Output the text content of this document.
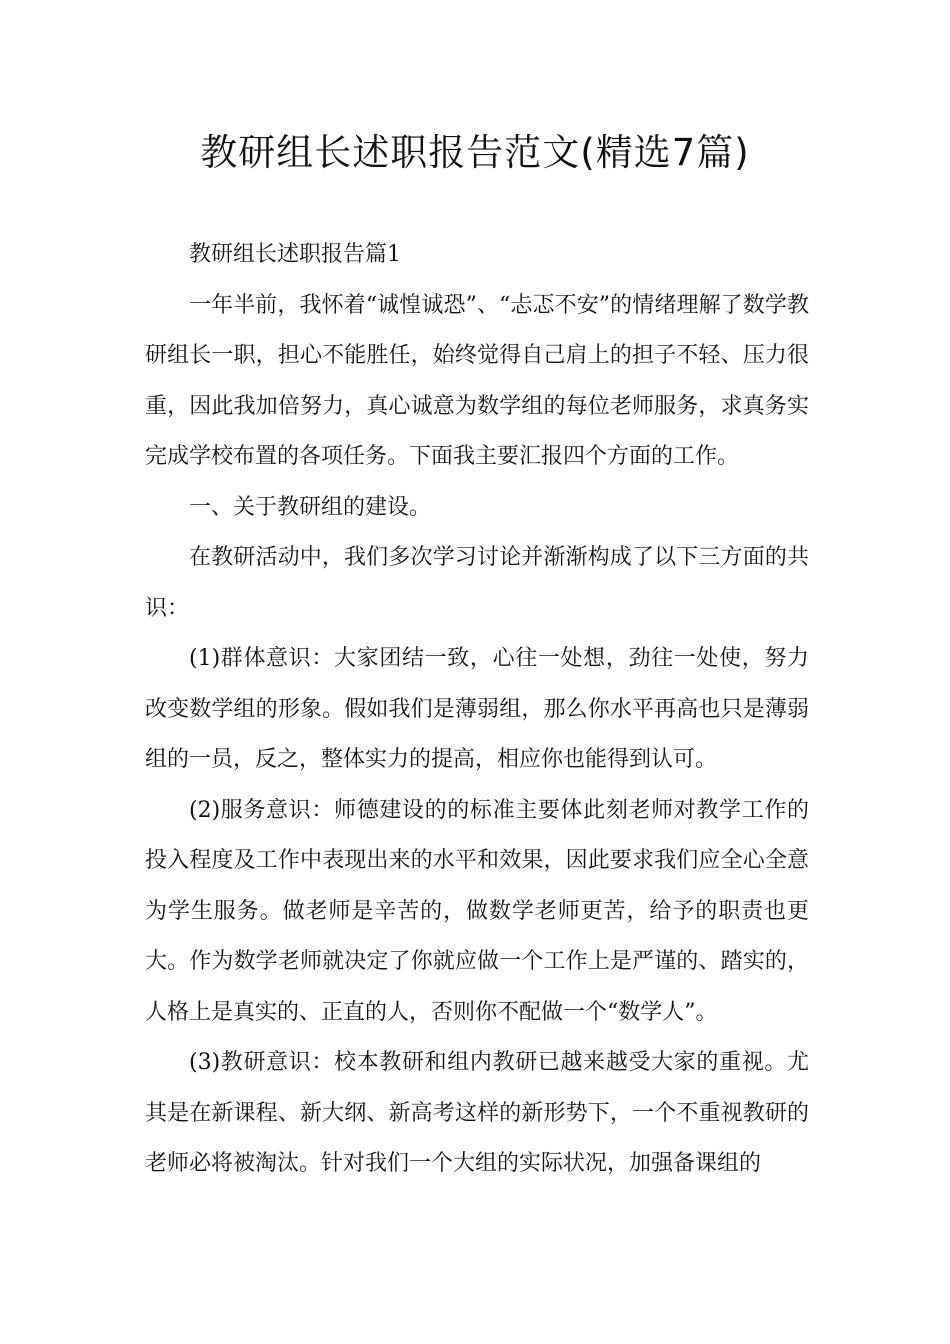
教研组长述职报告范文(精选7篇)

教研组长述职报告篇1

一年半前，我怀着“诚惶诚恐”、“忐忑不安”的情绪理解了数学教研组长一职，担心不能胜任，始终觉得自己肩上的担子不轻、压力很重，因此我加倍努力，真心诚意为数学组的每位老师服务，求真务实完成学校布置的各项任务。下面我主要汇报四个方面的工作。

一、关于教研组的建设。

在教研活动中，我们多次学习讨论并渐渐构成了以下三方面的共识：

(1)群体意识：大家团结一致，心往一处想，劲往一处使，努力改变数学组的形象。假如我们是薄弱组，那么你水平再高也只是薄弱组的一员，反之，整体实力的提高，相应你也能得到认可。

(2)服务意识：师德建设的的标准主要体此刻老师对教学工作的投入程度及工作中表现出来的水平和效果，因此要求我们应全心全意为学生服务。做老师是辛苦的，做数学老师更苦，给予的职责也更大。作为数学老师就决定了你就应做一个工作上是严谨的、踏实的，人格上是真实的、正直的人，否则你不配做一个“数学人”。

(3)教研意识：校本教研和组内教研已越来越受大家的重视。尤其是在新课程、新大纲、新高考这样的新形势下，一个不重视教研的老师必将被淘汰。针对我们一个大组的实际状况，加强备课组的
